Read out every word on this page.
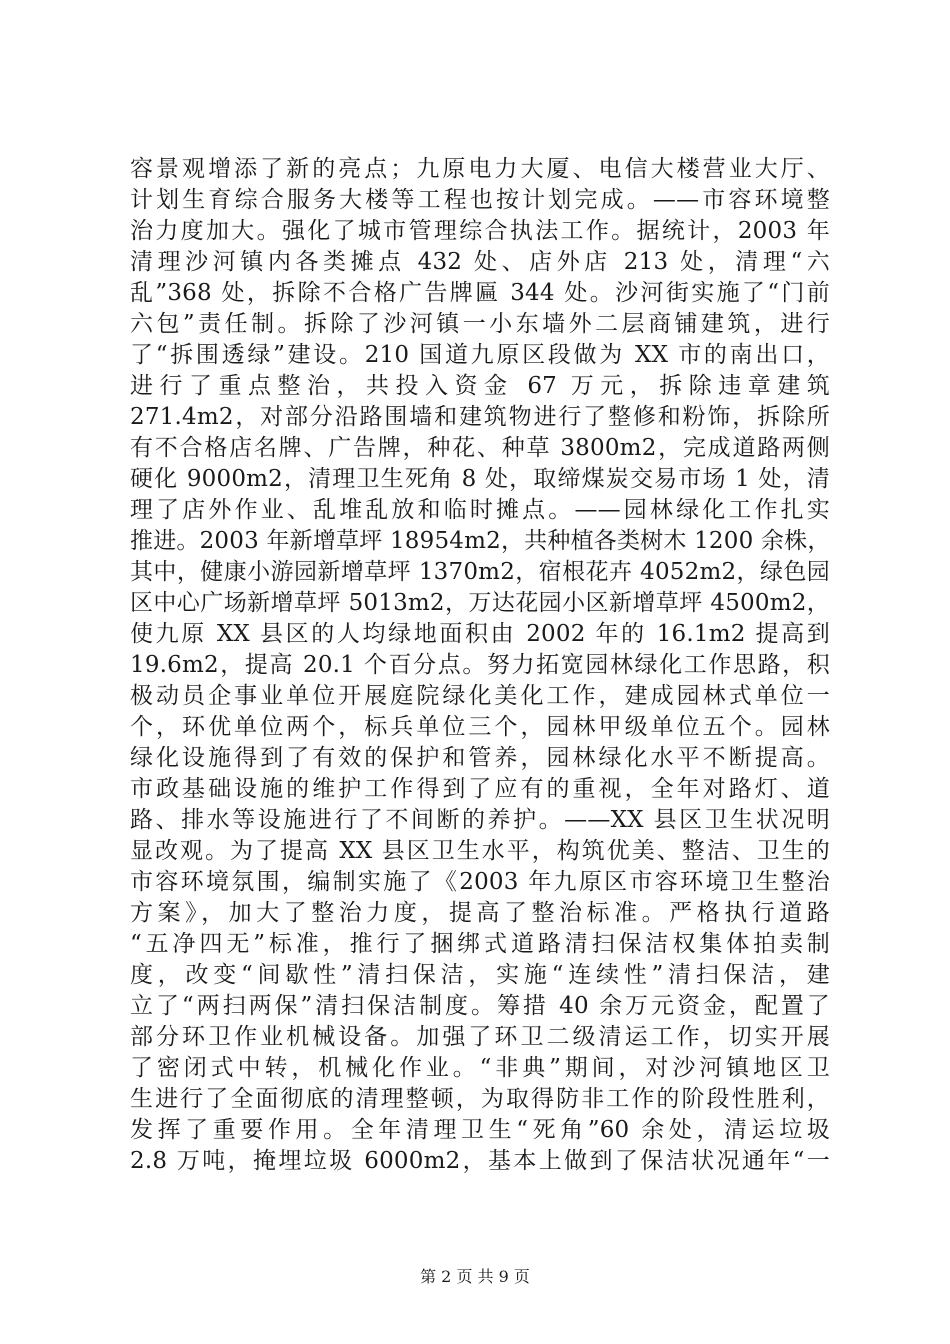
容景观增添了新的亮点；九原电力大厦、电信大楼营业大厅、
计划生育综合服务大楼等工程也按计划完成。——市容环境整
治力度加大。强化了城市管理综合执法工作。据统计，2003 年
清理沙河镇内各类摊点 432 处、店外店 213 处，清理“六
乱”368 处，拆除不合格广告牌匾 344 处。沙河街实施了“门前
六包”责任制。拆除了沙河镇一小东墙外二层商铺建筑，进行
了“拆围透绿”建设。210 国道九原区段做为 XX 市的南出口，
进行了重点整治，共投入资金 67 万元，拆除违章建筑
271.4m2，对部分沿路围墙和建筑物进行了整修和粉饰，拆除所
有不合格店名牌、广告牌，种花、种草 3800m2，完成道路两侧
硬化 9000m2，清理卫生死角 8 处，取缔煤炭交易市场 1 处，清
理了店外作业、乱堆乱放和临时摊点。——园林绿化工作扎实
推进。2003 年新增草坪 18954m2，共种植各类树木 1200 余株，
其中，健康小游园新增草坪 1370m2，宿根花卉 4052m2，绿色园
区中心广场新增草坪 5013m2，万达花园小区新增草坪 4500m2，
使九原 XX 县区的人均绿地面积由 2002 年的 16.1m2 提高到
19.6m2，提高 20.1 个百分点。努力拓宽园林绿化工作思路，积
极动员企事业单位开展庭院绿化美化工作，建成园林式单位一
个，环优单位两个，标兵单位三个，园林甲级单位五个。园林
绿化设施得到了有效的保护和管养，园林绿化水平不断提高。
市政基础设施的维护工作得到了应有的重视，全年对路灯、道
路、排水等设施进行了不间断的养护。——XX 县区卫生状况明
显改观。为了提高 XX 县区卫生水平，构筑优美、整洁、卫生的
市容环境氛围，编制实施了《2003 年九原区市容环境卫生整治
方案》，加大了整治力度，提高了整治标准。严格执行道路
“五净四无”标准，推行了捆绑式道路清扫保洁权集体拍卖制
度，改变“间歇性”清扫保洁，实施“连续性”清扫保洁，建
立了“两扫两保”清扫保洁制度。筹措 40 余万元资金，配置了
部分环卫作业机械设备。加强了环卫二级清运工作，切实开展
了密闭式中转，机械化作业。“非典”期间，对沙河镇地区卫
生进行了全面彻底的清理整顿，为取得防非工作的阶段性胜利，
发挥了重要作用。全年清理卫生“死角”60 余处，清运垃圾
2.8 万吨，掩埋垃圾 6000m2，基本上做到了保洁状况通年“一
第 2 页 共 9 页
